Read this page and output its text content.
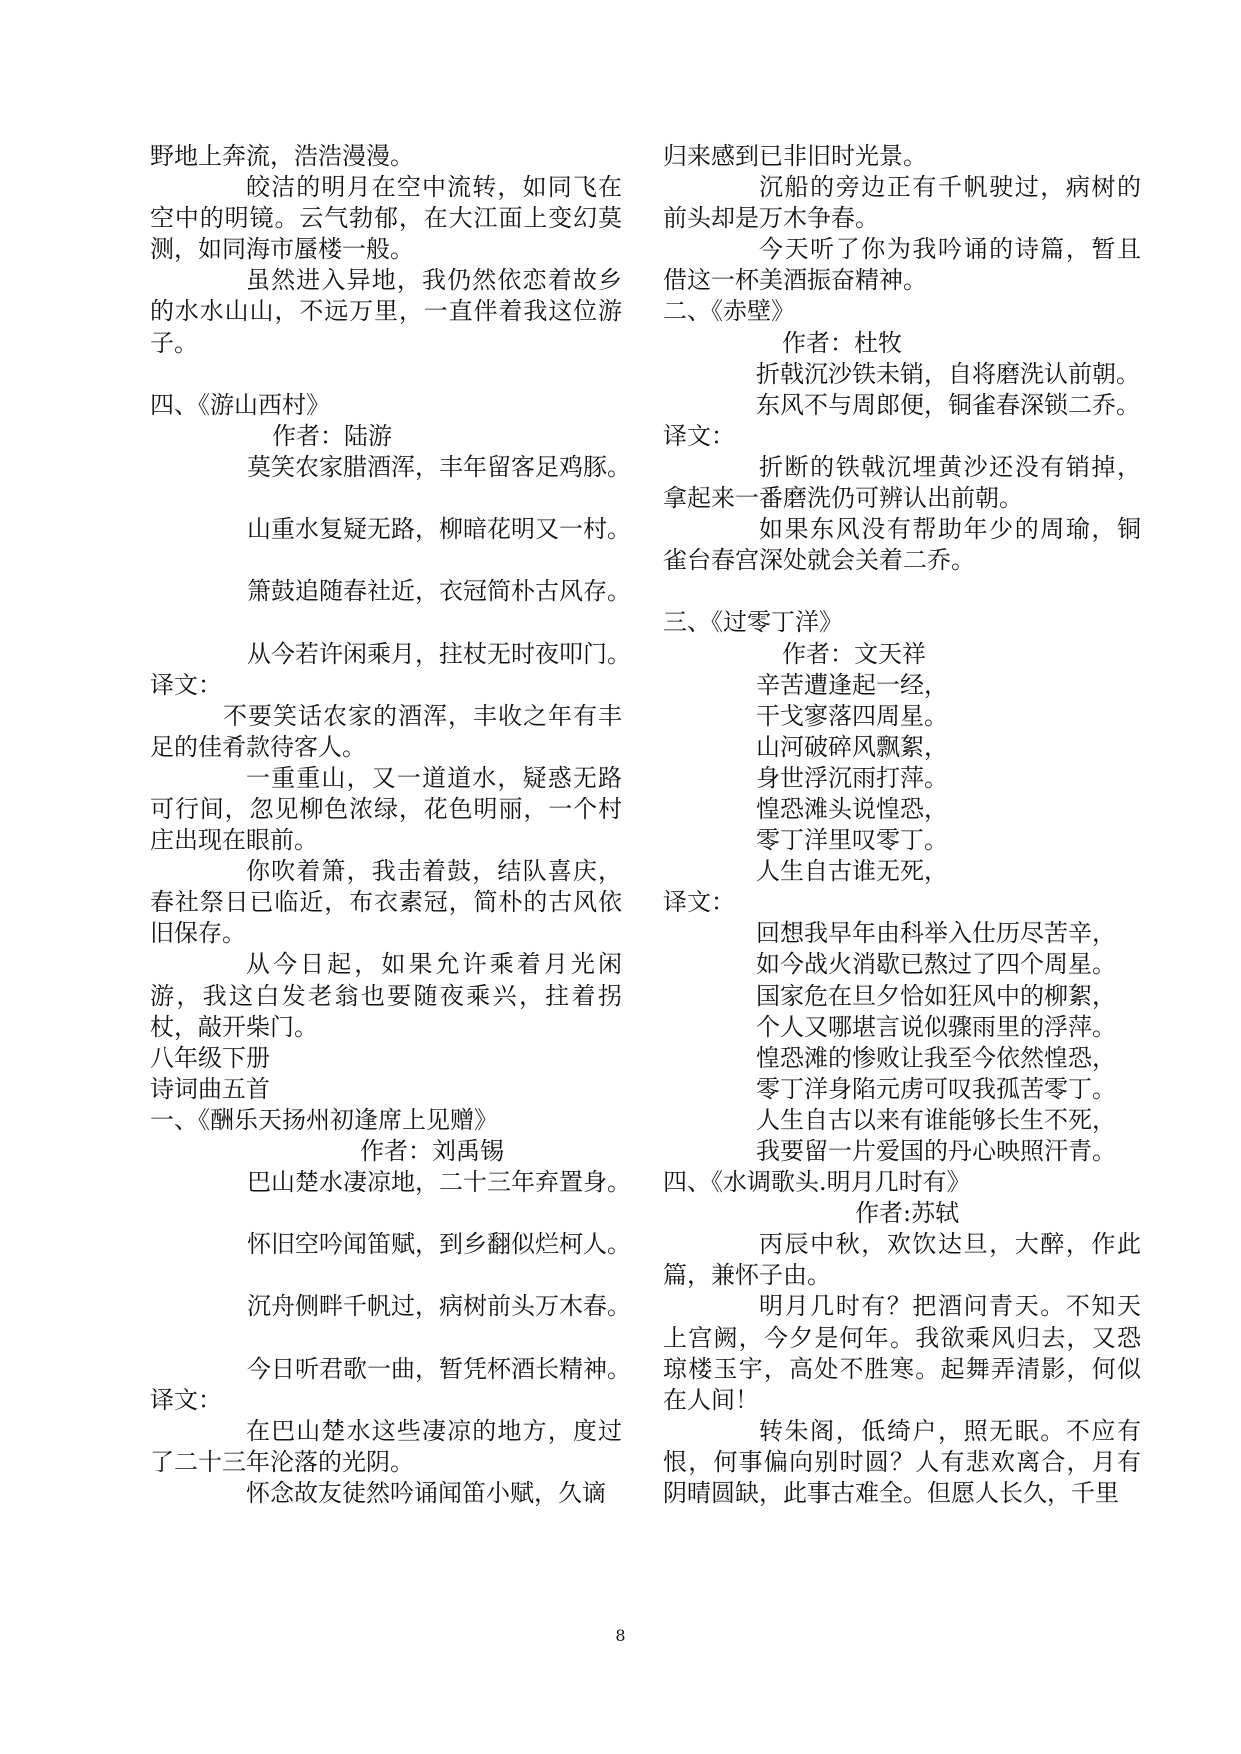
野地上奔流，浩浩漫漫。
皎洁的明月在空中流转，如同飞在空中的明镜。云气勃郁，在大江面上变幻莫测，如同海市蜃楼一般。
虽然进入异地，我仍然依恋着故乡的水水山山，不远万里，一直伴着我这位游子。
四、《游山西村》
作者：陆游
莫笑农家腊酒浑，丰年留客足鸡豚。
山重水复疑无路，柳暗花明又一村。
箫鼓追随春社近，衣冠简朴古风存。
从今若许闲乘月，拄杖无时夜叩门。
译文：
不要笑话农家的酒浑，丰收之年有丰足的佳肴款待客人。
一重重山，又一道道水，疑惑无路可行间，忽见柳色浓绿，花色明丽，一个村庄出现在眼前。
你吹着箫，我击着鼓，结队喜庆，春社祭日已临近，布衣素冠，简朴的古风依旧保存。
从今日起，如果允许乘着月光闲游，我这白发老翁也要随夜乘兴，拄着拐杖，敲开柴门。
八年级下册
诗词曲五首
一、《酬乐天扬州初逢席上见赠》
作者：刘禹锡
巴山楚水凄凉地，二十三年弃置身。
怀旧空吟闻笛赋，到乡翻似烂柯人。
沉舟侧畔千帆过，病树前头万木春。
今日听君歌一曲，暂凭杯酒长精神。
译文：
在巴山楚水这些凄凉的地方，度过了二十三年沦落的光阴。
怀念故友徒然吟诵闻笛小赋，久谪
归来感到已非旧时光景。
沉船的旁边正有千帆驶过，病树的前头却是万木争春。
今天听了你为我吟诵的诗篇，暂且借这一杯美酒振奋精神。
二、《赤壁》
作者：杜牧
折戟沉沙铁未销，自将磨洗认前朝。
东风不与周郎便，铜雀春深锁二乔。
译文：
折断的铁戟沉埋黄沙还没有销掉，拿起来一番磨洗仍可辨认出前朝。
如果东风没有帮助年少的周瑜，铜雀台春宫深处就会关着二乔。
三、《过零丁洋》
作者：文天祥
辛苦遭逢起一经，
干戈寥落四周星。
山河破碎风飘絮，
身世浮沉雨打萍。
惶恐滩头说惶恐，
零丁洋里叹零丁。
人生自古谁无死，
译文：
回想我早年由科举入仕历尽苦辛，
如今战火消歇已熬过了四个周星。
国家危在旦夕恰如狂风中的柳絮，
个人又哪堪言说似骤雨里的浮萍。
惶恐滩的惨败让我至今依然惶恐，
零丁洋身陷元虏可叹我孤苦零丁。
人生自古以来有谁能够长生不死，
我要留一片爱国的丹心映照汗青。
四、《水调歌头.明月几时有》
作者:苏轼
丙辰中秋，欢饮达旦，大醉，作此篇，兼怀子由。
明月几时有？把酒问青天。不知天上宫阙，今夕是何年。我欲乘风归去，又恐琼楼玉宇，高处不胜寒。起舞弄清影，何似在人间！
转朱阁，低绮户，照无眠。不应有恨，何事偏向别时圆？人有悲欢离合，月有阴晴圆缺，此事古难全。但愿人长久，千里
8
